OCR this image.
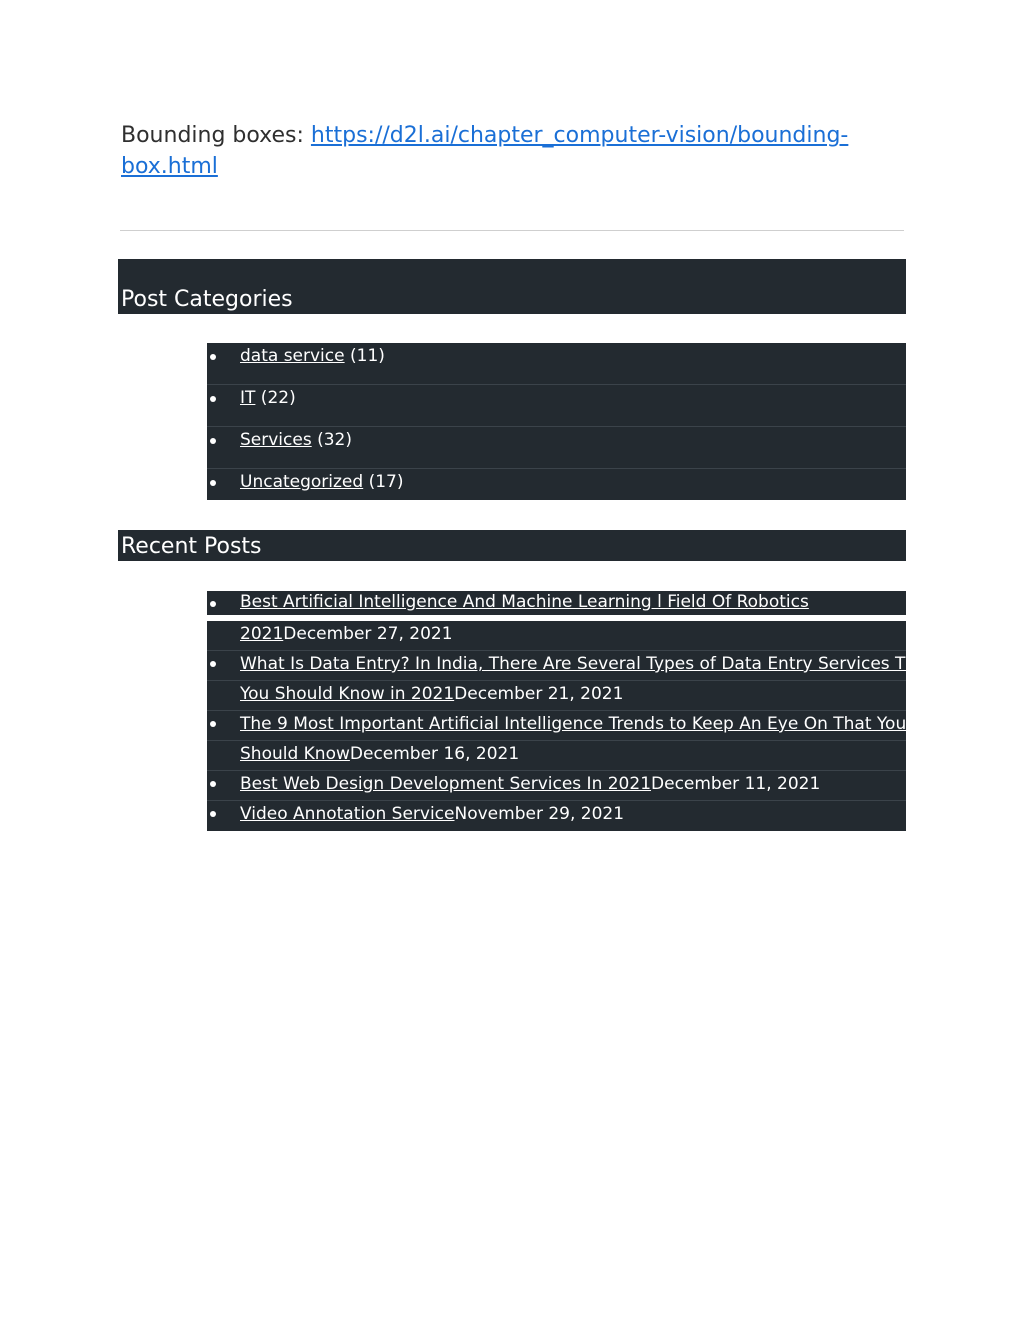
Bounding boxes: https://d2l.ai/chapter_computer-vision/bounding-
box.html
Post Categories
data service (11)
IT (22)
Services (32)
Uncategorized (17)
Recent Posts
Best Artificial Intelligence And Machine Learning l Field Of Robotics
2021December 27, 2021
What Is Data Entry? In India, There Are Several Types of Data Entry Services That
You Should Know in 2021December 21, 2021
The 9 Most Important Artificial Intelligence Trends to Keep An Eye On That You
Should KnowDecember 16, 2021
Best Web Design Development Services In 2021December 11, 2021
Video Annotation ServiceNovember 29, 2021
